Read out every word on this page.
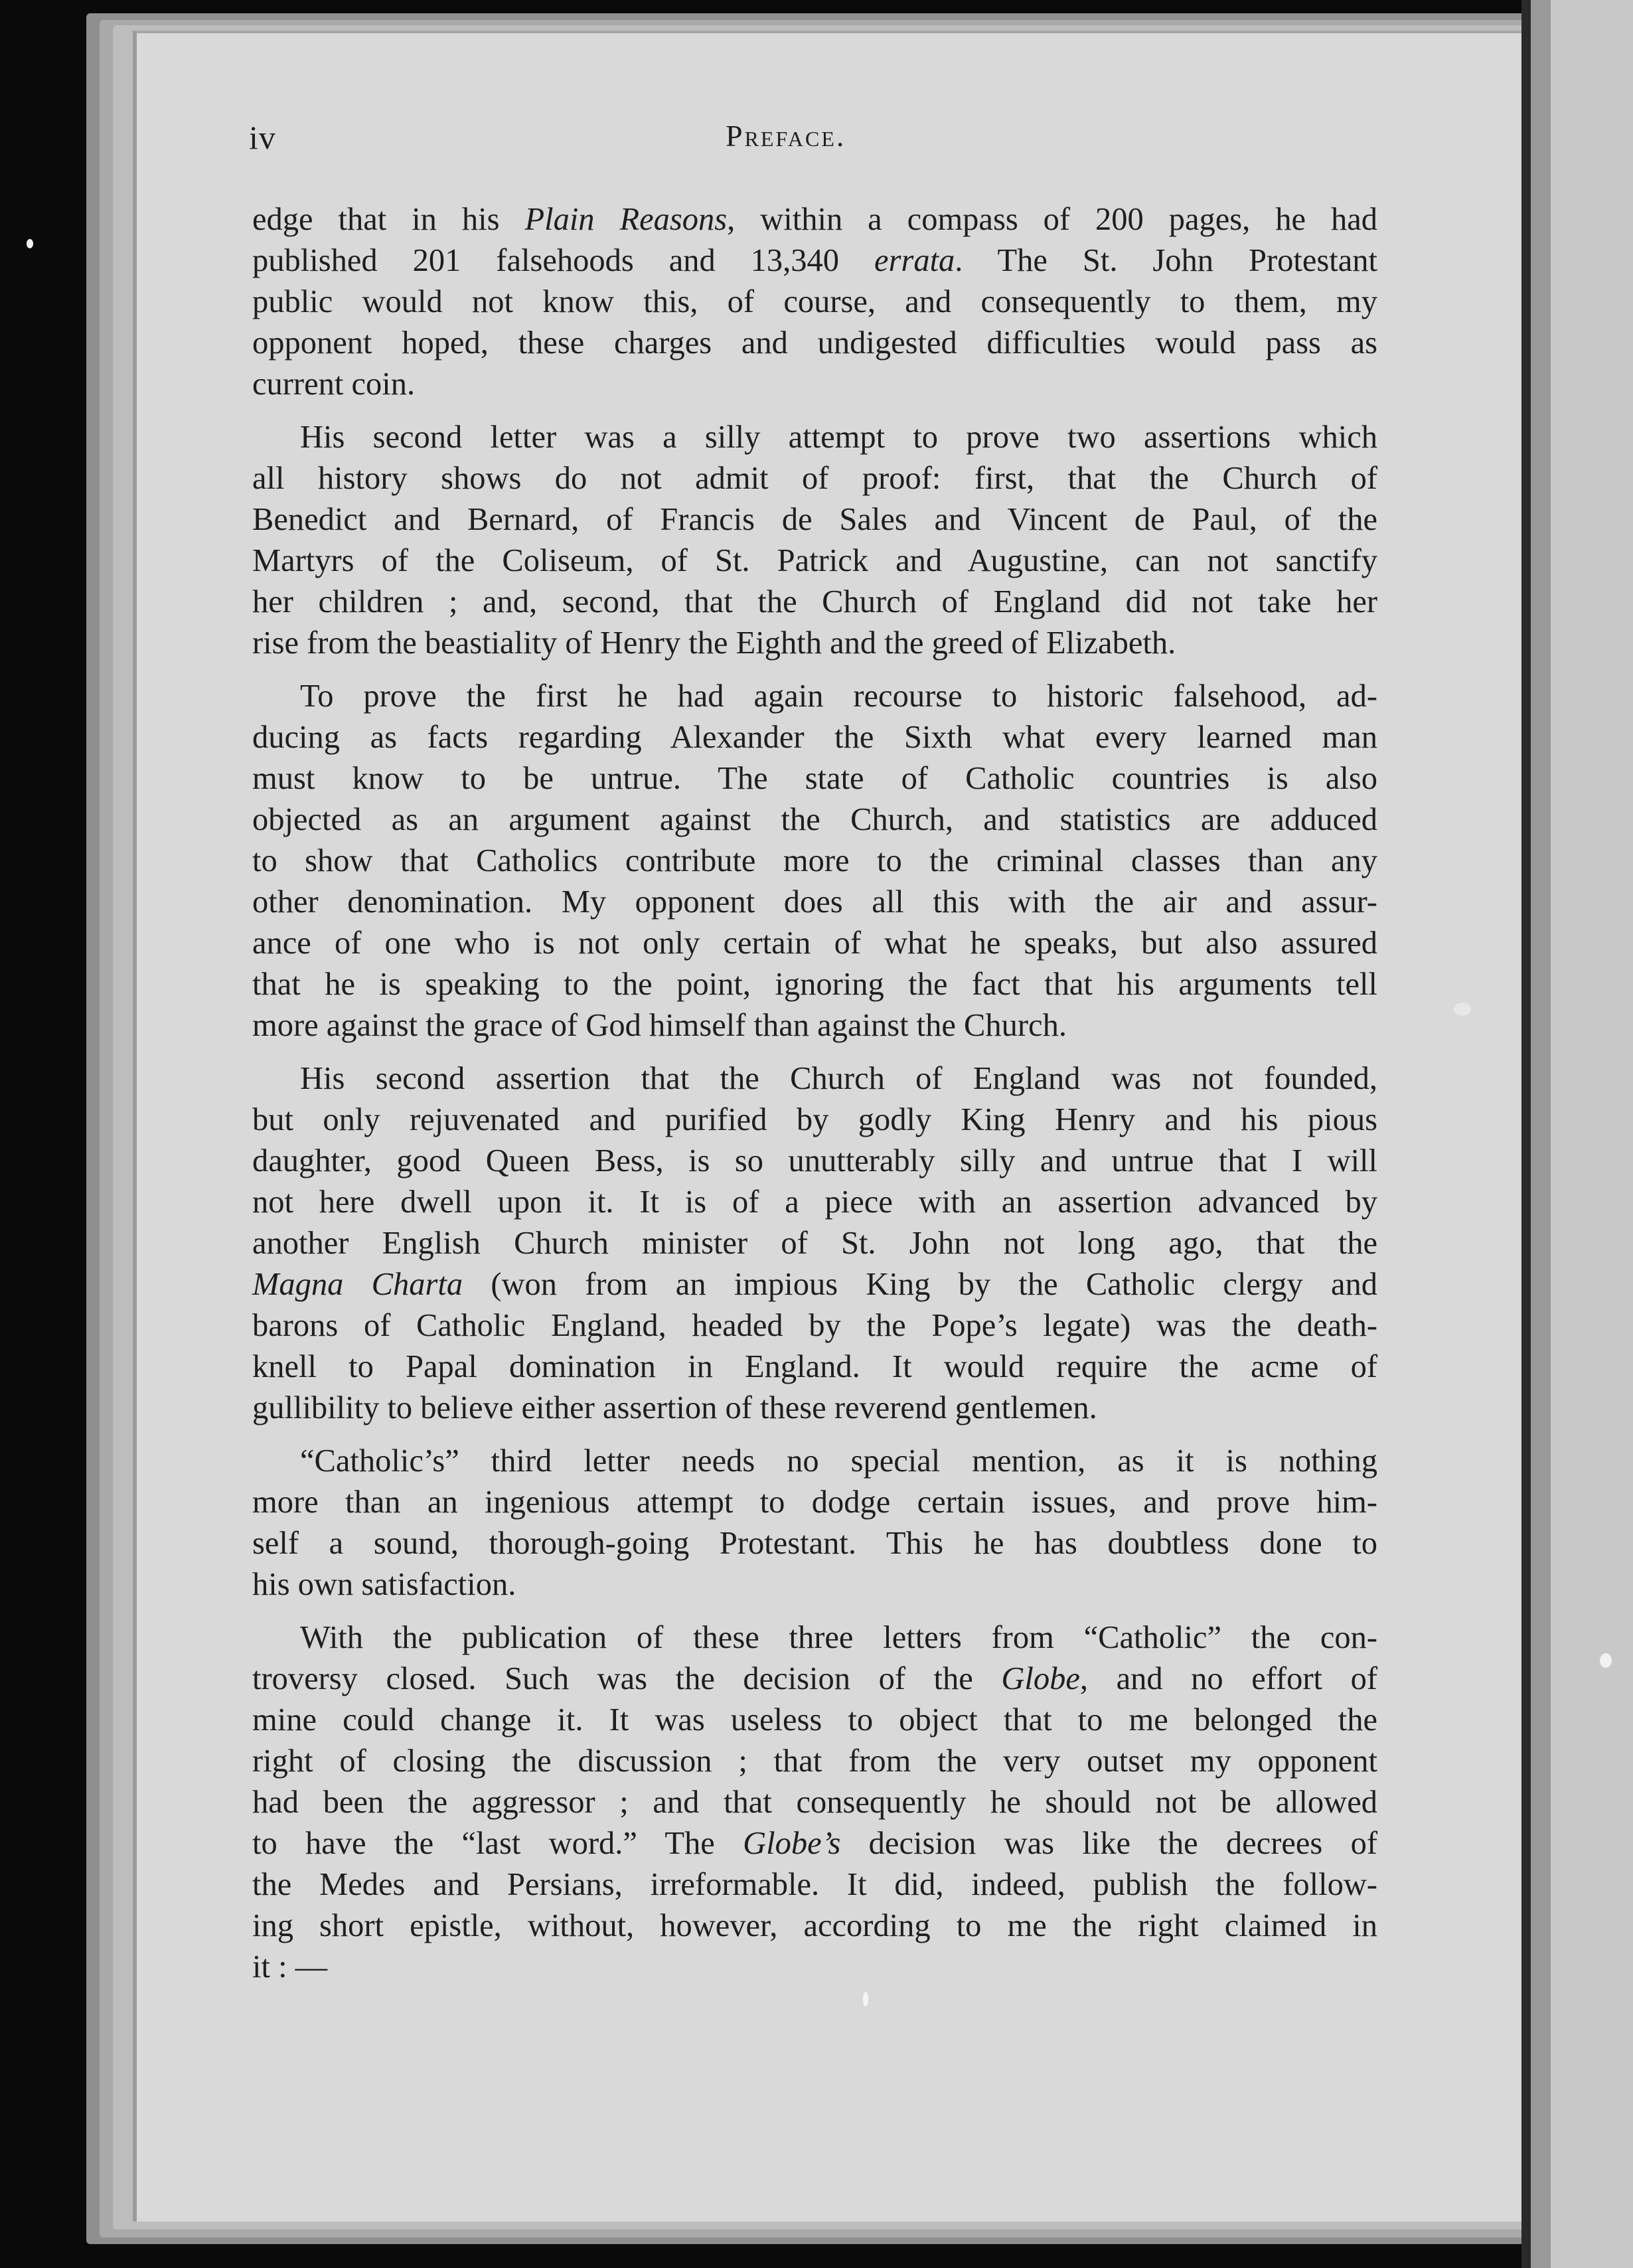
iv	Preface.
edge that in his Plain Reasons, within a compass of 200 pages, he had
published 201 falsehoods and 13,340 errata. The St. John Protestant
public would not know this, of course, and consequently to them, my
opponent hoped, these charges and undigested difficulties would pass as
current coin.
His second letter was a silly attempt to prove two assertions which
all history shows do not admit of proof: first, that the Church of
Benedict and Bernard, of Francis de Sales and Vincent de Paul, of the
Martyrs of the Coliseum, of St. Patrick and Augustine, can not sanctify
her children ; and, second, that the Church of England did not take her
rise from the beastiality of Henry the Eighth and the greed of Elizabeth.
To prove the first he had again recourse to historic falsehood, ad-
ducing as facts regarding Alexander the Sixth what every learned man
must know to be untrue. The state of Catholic countries is also
objected as an argument against the Church, and statistics are adduced
to show that Catholics contribute more to the criminal classes than any
other denomination. My opponent does all this with the air and assur-
ance of one who is not only certain of what he speaks, but also assured
that he is speaking to the point, ignoring the fact that his arguments tell
more against the grace of God himself than against the Church.
His second assertion that the Church of England was not founded,
but only rejuvenated and purified by godly King Henry and his pious
daughter, good Queen Bess, is so unutterably silly and untrue that I will
not here dwell upon it. It is of a piece with an assertion advanced by
another English Church minister of St. John not long ago, that the
Magna Charta (won from an impious King by the Catholic clergy and
barons of Catholic England, headed by the Pope’s legate) was the death-
knell to Papal domination in England. It would require the acme of
gullibility to believe either assertion of these reverend gentlemen.
“Catholic’s” third letter needs no special mention, as it is nothing
more than an ingenious attempt to dodge certain issues, and prove him-
self a sound, thorough-going Protestant. This he has doubtless done to
his own satisfaction.
With the publication of these three letters from “Catholic” the con-
troversy closed. Such was the decision of the Globe, and no effort of
mine could change it. It was useless to object that to me belonged the
right of closing the discussion ; that from the very outset my opponent
had been the aggressor ; and that consequently he should not be allowed
to have the “last word.” The Globe’s decision was like the decrees of
the Medes and Persians, irreformable. It did, indeed, publish the follow-
ing short epistle, without, however, according to me the right claimed in
it : —
